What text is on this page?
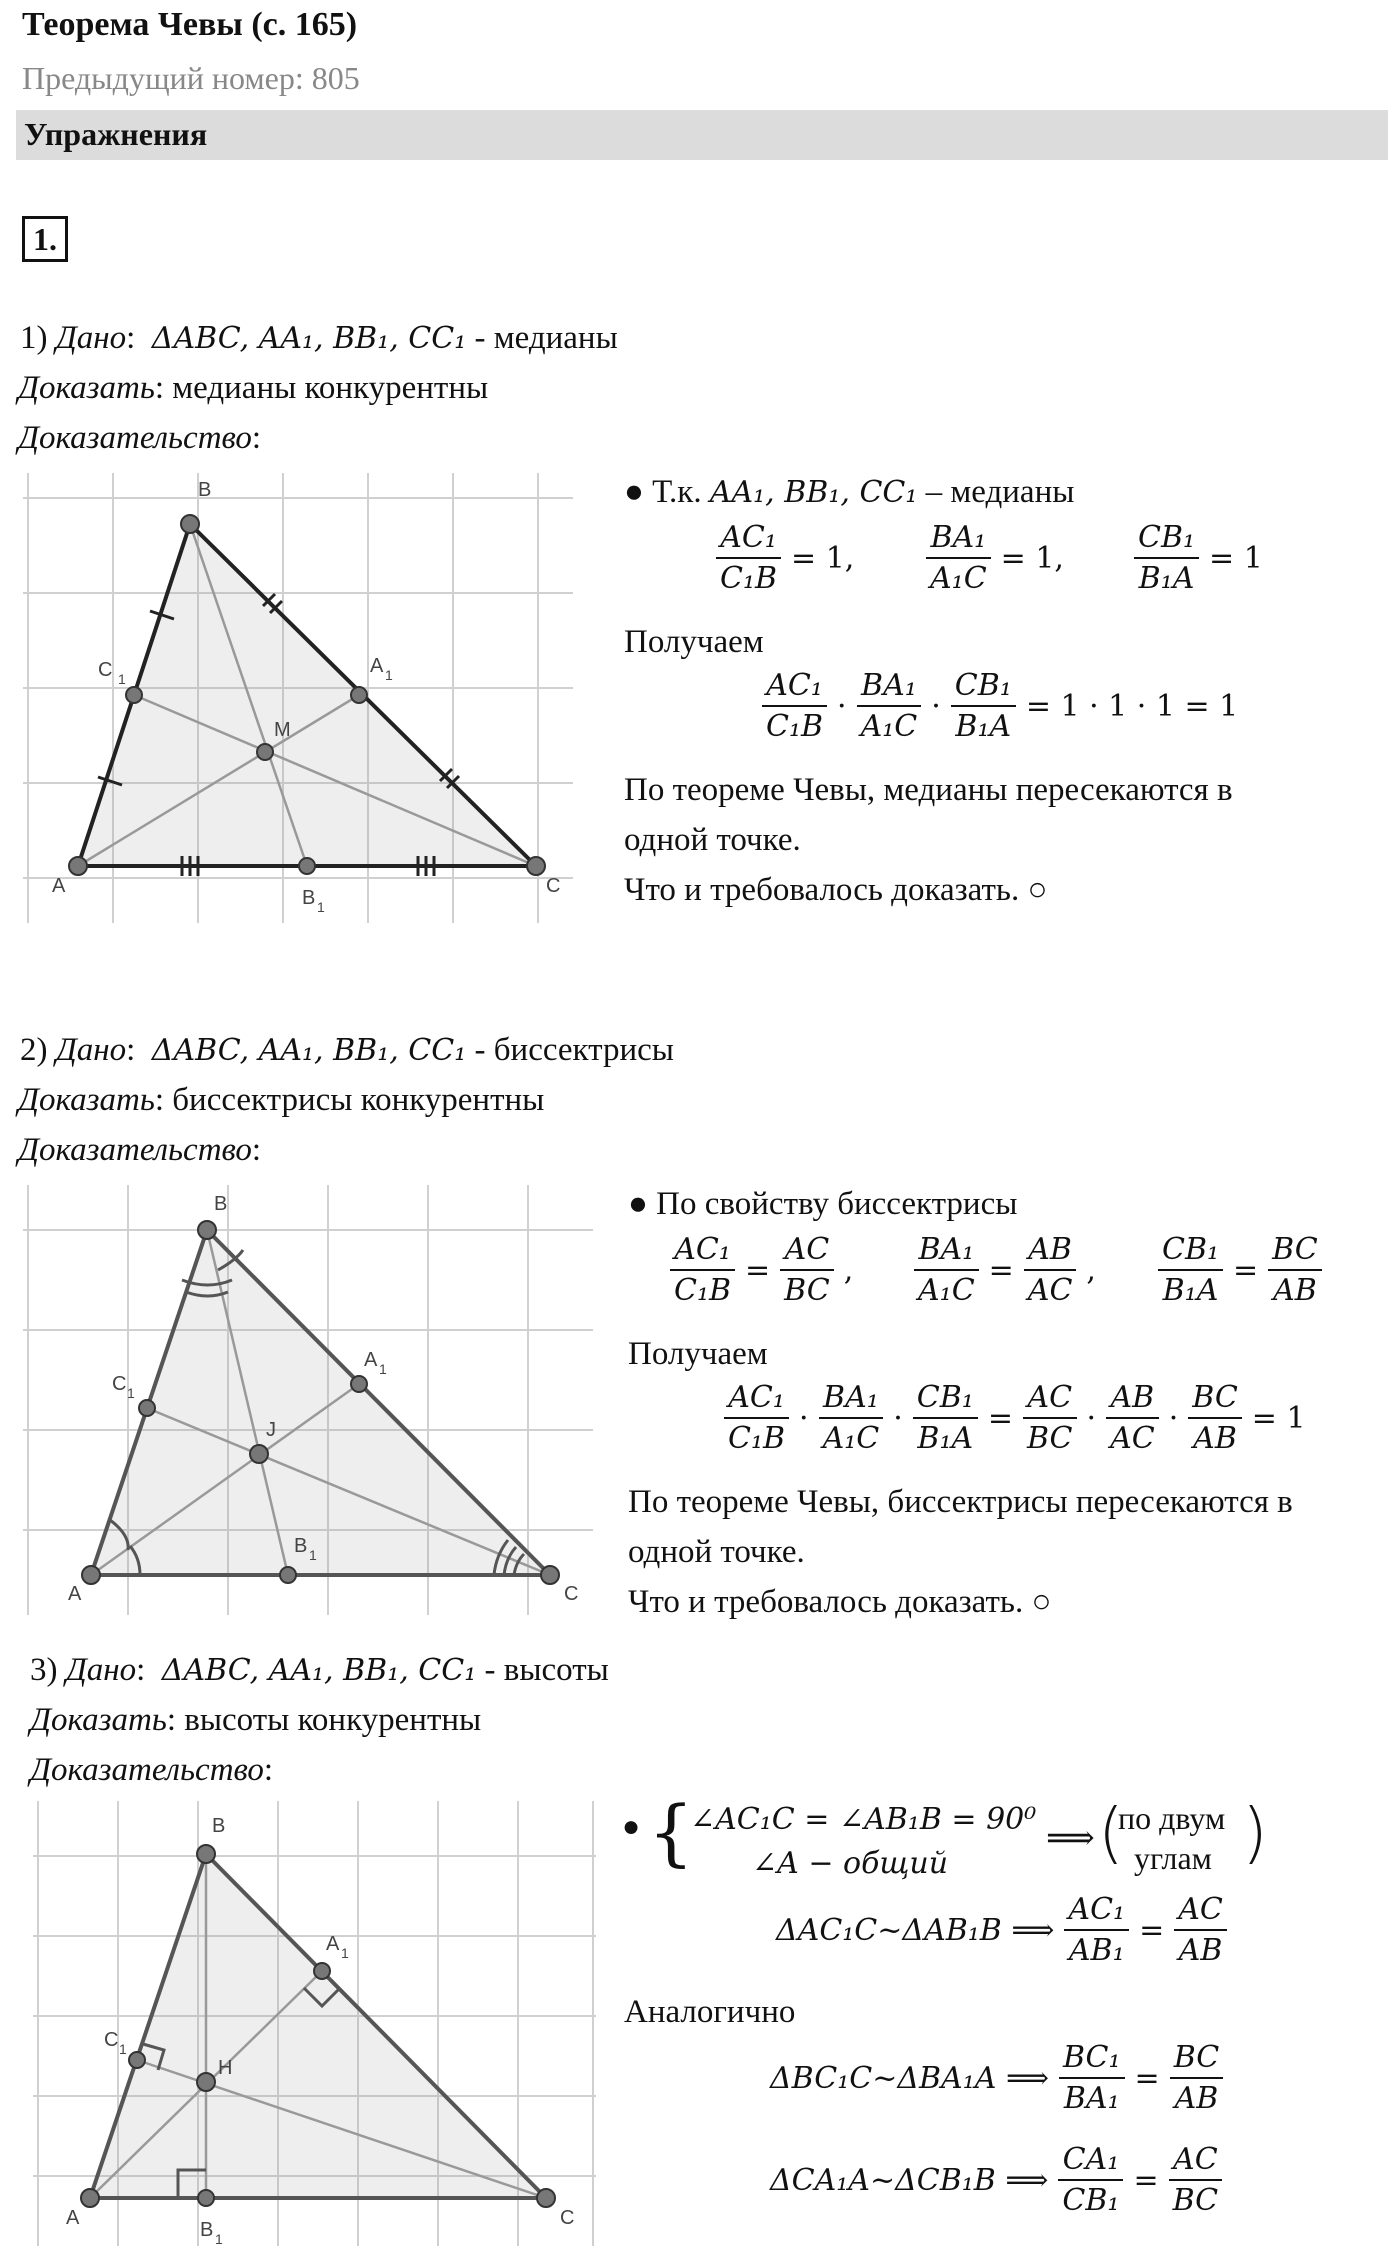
Теорема Чевы (с. 165)
Предыдущий номер: 805
Упражнения
1.
1) Дано:  ΔABC, AA₁, BB₁, CC₁ - медианы
Доказать: медианы конкурентны
Доказательство:
A
B
C
C 1
A 1
B 1
M
● Т.к. AA₁, BB₁, CC₁ – медианы
$\frac{\text{AC₁}}{\text{C₁B}} = 1$, $\frac{\text{BA₁}}{\text{A₁C}} = 1$, $\frac{\text{CB₁}}{\text{B₁A}} = 1$
Получаем
$\frac{\text{AC₁}}{\text{C₁B}} \cdot \frac{\text{BA₁}}{\text{A₁C}} \cdot \frac{\text{CB₁}}{\text{B₁A}} = 1 \cdot 1 \cdot 1 = 1$
По теореме Чевы, медианы пересекаются в
одной точке.
Что и требовалось доказать. ○
2) Дано:  ΔABC, AA₁, BB₁, CC₁ - биссектрисы
Доказать: биссектрисы конкурентны
Доказательство:
A
B
C
C 1
A 1
B 1
J
● По свойству биссектрисы
$\frac{\text{AC₁}}{\text{C₁B}} = \frac{AC}{BC}$ , $\frac{\text{BA₁}}{\text{A₁C}} = \frac{AB}{AC}$ , $\frac{\text{CB₁}}{\text{B₁A}} = \frac{BC}{AB}$
Получаем
$\frac{\text{AC₁}}{\text{C₁B}} \cdot \frac{\text{BA₁}}{\text{A₁C}} \cdot \frac{\text{CB₁}}{\text{B₁A}} = \frac{AC}{BC} \cdot \frac{AB}{AC} \cdot \frac{BC}{AB} = 1$
По теореме Чевы, биссектрисы пересекаются в
одной точке.
Что и требовалось доказать. ○
3) Дано:  ΔABC, AA₁, BB₁, CC₁ - высоты
Доказать: высоты конкурентны
Доказательство:
A
B
C
C 1
A 1
B 1
H
● {
∠AC₁C = ∠AB₁B = 90⁰
∠A − общий
⟹ (
по двум
углам )
ΔAC₁C~ΔAB₁B ⟹ $\frac{\text{AC₁}}{\text{AB₁}} = \frac{AC}{AB}$
Аналогично
ΔBC₁C~ΔBA₁A ⟹ $\frac{\text{BC₁}}{\text{BA₁}} = \frac{BC}{AB}$
ΔCA₁A~ΔCB₁B ⟹ $\frac{\text{CA₁}}{\text{CB₁}} = \frac{AC}{BC}$
